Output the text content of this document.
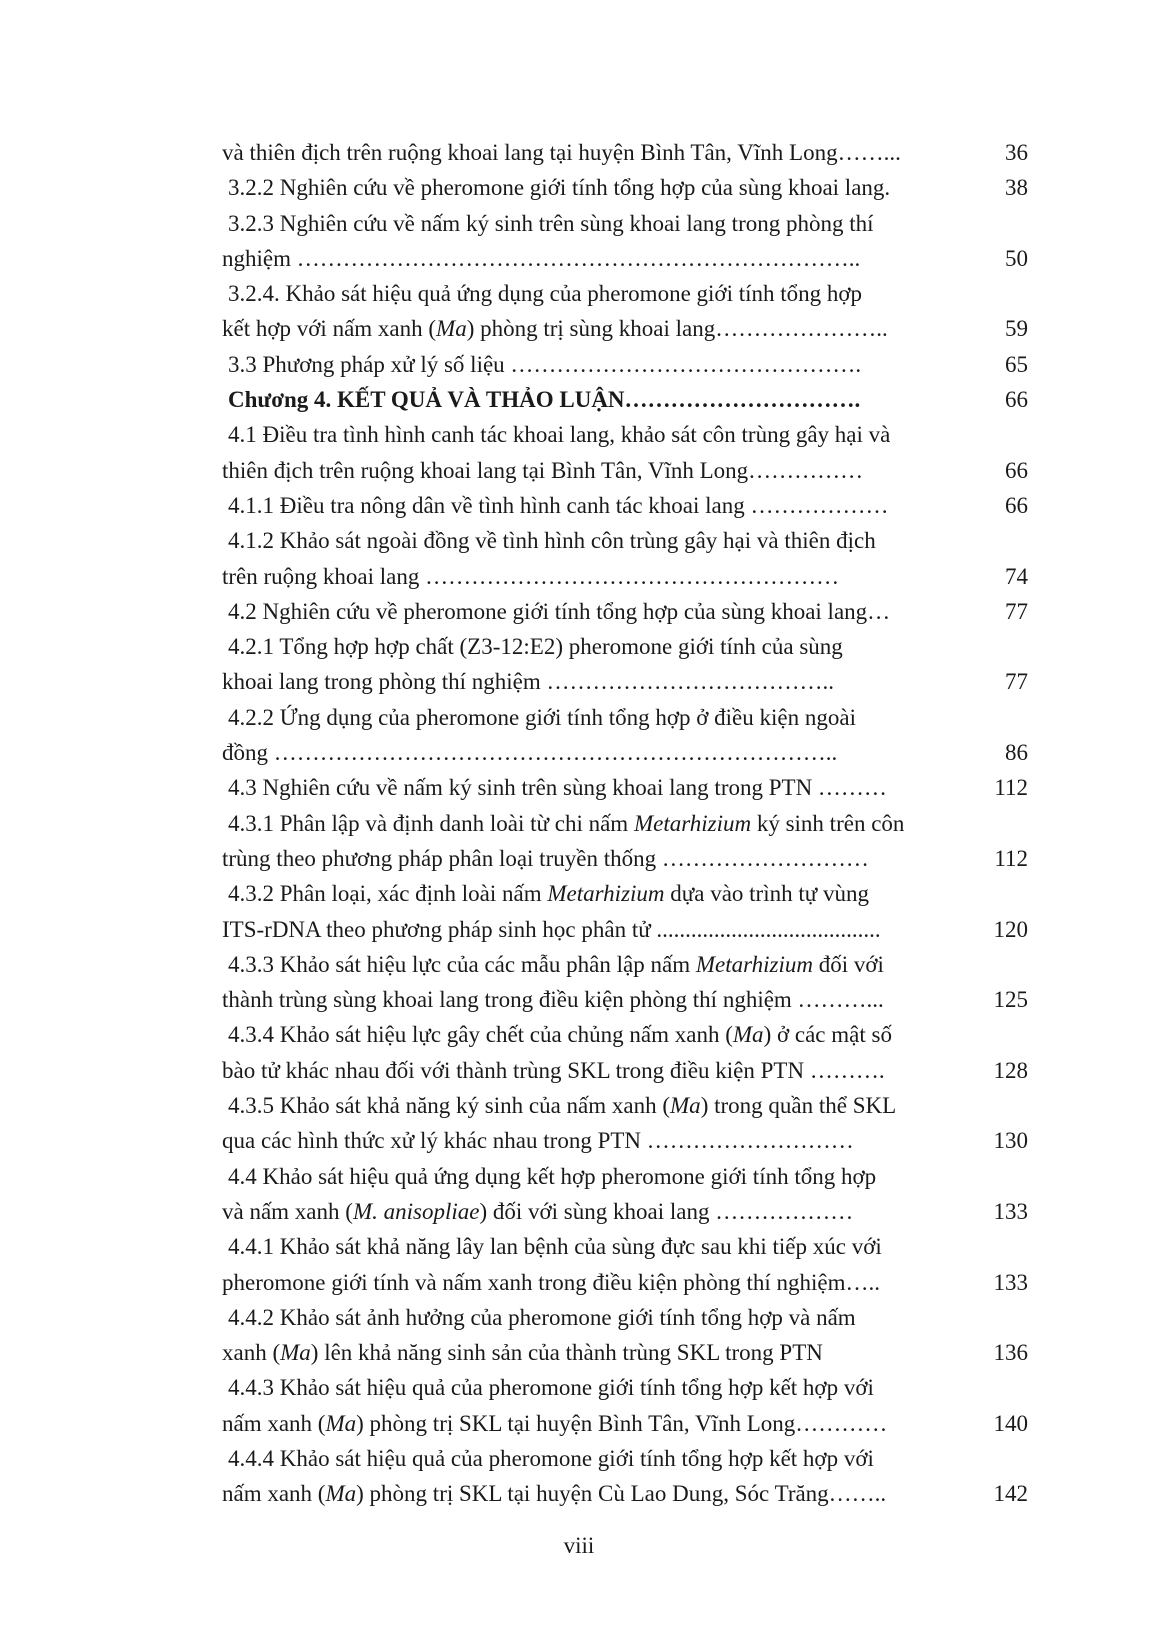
và thiên địch trên ruộng khoai lang tại huyện Bình Tân, Vĩnh Long……...	36
3.2.2 Nghiên cứu về pheromone giới tính tổng hợp của sùng khoai lang.	38
3.2.3 Nghiên cứu về nấm ký sinh trên sùng khoai lang trong phòng thí
nghiệm ………………………………………………………………..	50
3.2.4. Khảo sát hiệu quả ứng dụng của pheromone giới tính tổng hợp
kết hợp với nấm xanh (Ma) phòng trị sùng khoai lang…………………..	59
3.3 Phương pháp xử lý số liệu ……………………………………….	65
Chương 4. KẾT QUẢ VÀ THẢO LUẬN………………………….	66
4.1 Điều tra tình hình canh tác khoai lang, khảo sát côn trùng gây hại và
thiên địch trên ruộng khoai lang tại Bình Tân, Vĩnh Long……………	66
4.1.1 Điều tra nông dân về tình hình canh tác khoai lang ………………	66
4.1.2 Khảo sát ngoài đồng về tình hình côn trùng gây hại và thiên địch
trên ruộng khoai lang ………………………………………………	74
4.2 Nghiên cứu về pheromone giới tính tổng hợp của sùng khoai lang…	77
4.2.1 Tổng hợp hợp chất (Z3-12:E2) pheromone giới tính của sùng
khoai lang trong phòng thí nghiệm ………………………………..	77
4.2.2 Ứng dụng của pheromone giới tính tổng hợp ở điều kiện ngoài
đồng ………………………………………………………………..	86
4.3 Nghiên cứu về nấm ký sinh trên sùng khoai lang trong PTN ………	112
4.3.1 Phân lập và định danh loài từ chi nấm Metarhizium ký sinh trên côn
trùng theo phương pháp phân loại truyền thống ………………………	112
4.3.2 Phân loại, xác định loài nấm Metarhizium dựa vào trình tự vùng
ITS-rDNA theo phương pháp sinh học phân tử .......................................	120
4.3.3 Khảo sát hiệu lực của các mẫu phân lập nấm Metarhizium đối với
thành trùng sùng khoai lang trong điều kiện phòng thí nghiệm ………...	125
4.3.4 Khảo sát hiệu lực gây chết của chủng nấm xanh (Ma) ở các mật số
bào tử khác nhau đối với thành trùng SKL trong điều kiện PTN ……….	128
4.3.5 Khảo sát khả năng ký sinh của nấm xanh (Ma) trong quần thể SKL
qua các hình thức xử lý khác nhau trong PTN ………………………	130
4.4 Khảo sát hiệu quả ứng dụng kết hợp pheromone giới tính tổng hợp
và nấm xanh (M. anisopliae) đối với sùng khoai lang ………………	133
4.4.1 Khảo sát khả năng lây lan bệnh của sùng đực sau khi tiếp xúc với
pheromone giới tính và nấm xanh trong điều kiện phòng thí nghiệm…..	133
4.4.2 Khảo sát ảnh hưởng của pheromone giới tính tổng hợp và nấm
xanh (Ma) lên khả năng sinh sản của thành trùng SKL trong PTN	136
4.4.3 Khảo sát hiệu quả của pheromone giới tính tổng hợp kết hợp với
nấm xanh (Ma) phòng trị SKL tại huyện Bình Tân, Vĩnh Long…………	140
4.4.4 Khảo sát hiệu quả của pheromone giới tính tổng hợp kết hợp với
nấm xanh (Ma) phòng trị SKL tại huyện Cù Lao Dung, Sóc Trăng……..	142
viii
